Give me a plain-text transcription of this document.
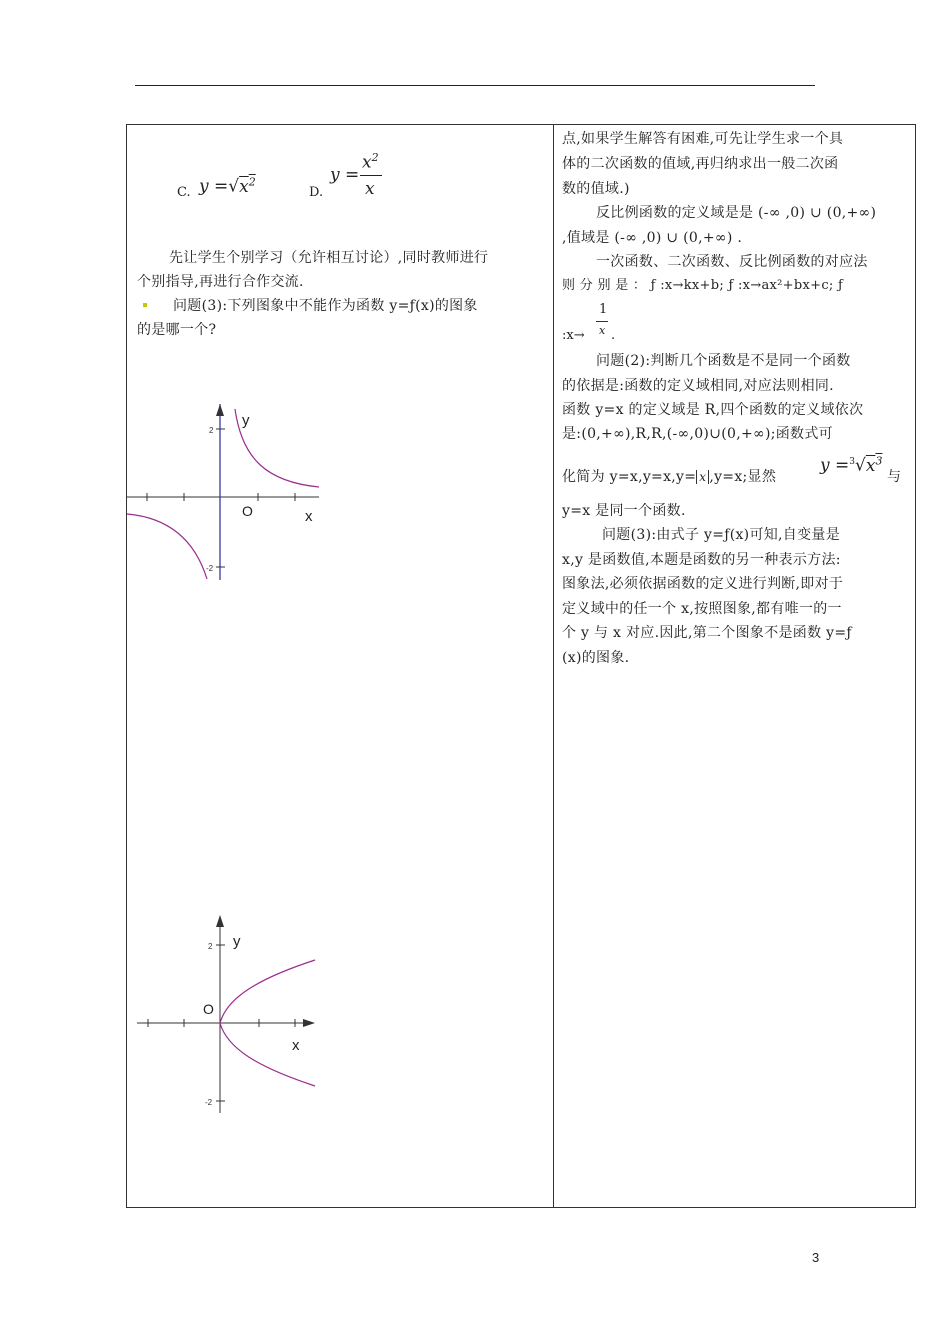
C. $y =√x^2$
D.
y =
$x^2$
x
先让学生个别学习（允许相互讨论）,同时教师进行
个别指导,再进行合作交流.
问题(3):下列图象中不能作为函数 y=ƒ(x)的图象
的是哪一个?
2
-2
y
O	x
2
-2
y
O
x

点,如果学生解答有困难,可先让学生求一个具
体的二次函数的值域,再归纳求出一般二次函
数的值域.)
反比例函数的定义域是是 (-∞ ,0) ∪ (0,+∞)
,值域是 (-∞ ,0) ∪ (0,+∞) .
一次函数、二次函数、反比例函数的对应法
则 分 别 是 ： ƒ :x→kx+b; ƒ :x→ax²+bx+c; ƒ
1
x
:x→ .
问题(2):判断几个函数是不是同一个函数
的依据是:函数的定义域相同,对应法则相同.
函数 y=x 的定义域是 R,四个函数的定义域依次
是:(0,+∞),R,R,(-∞,0)∪(0,+∞);函数式可
化简为 y=x,y=x,y= x ,y=x;显然
$y =^3√x^3$
与
y=x 是同一个函数.
问题(3):由式子 y=ƒ(x)可知,自变量是
x,y 是函数值,本题是函数的另一种表示方法:
图象法,必须依据函数的定义进行判断,即对于
定义域中的任一个 x,按照图象,都有唯一的一
个 y 与 x 对应.因此,第二个图象不是函数 y=ƒ
(x)的图象.
3
